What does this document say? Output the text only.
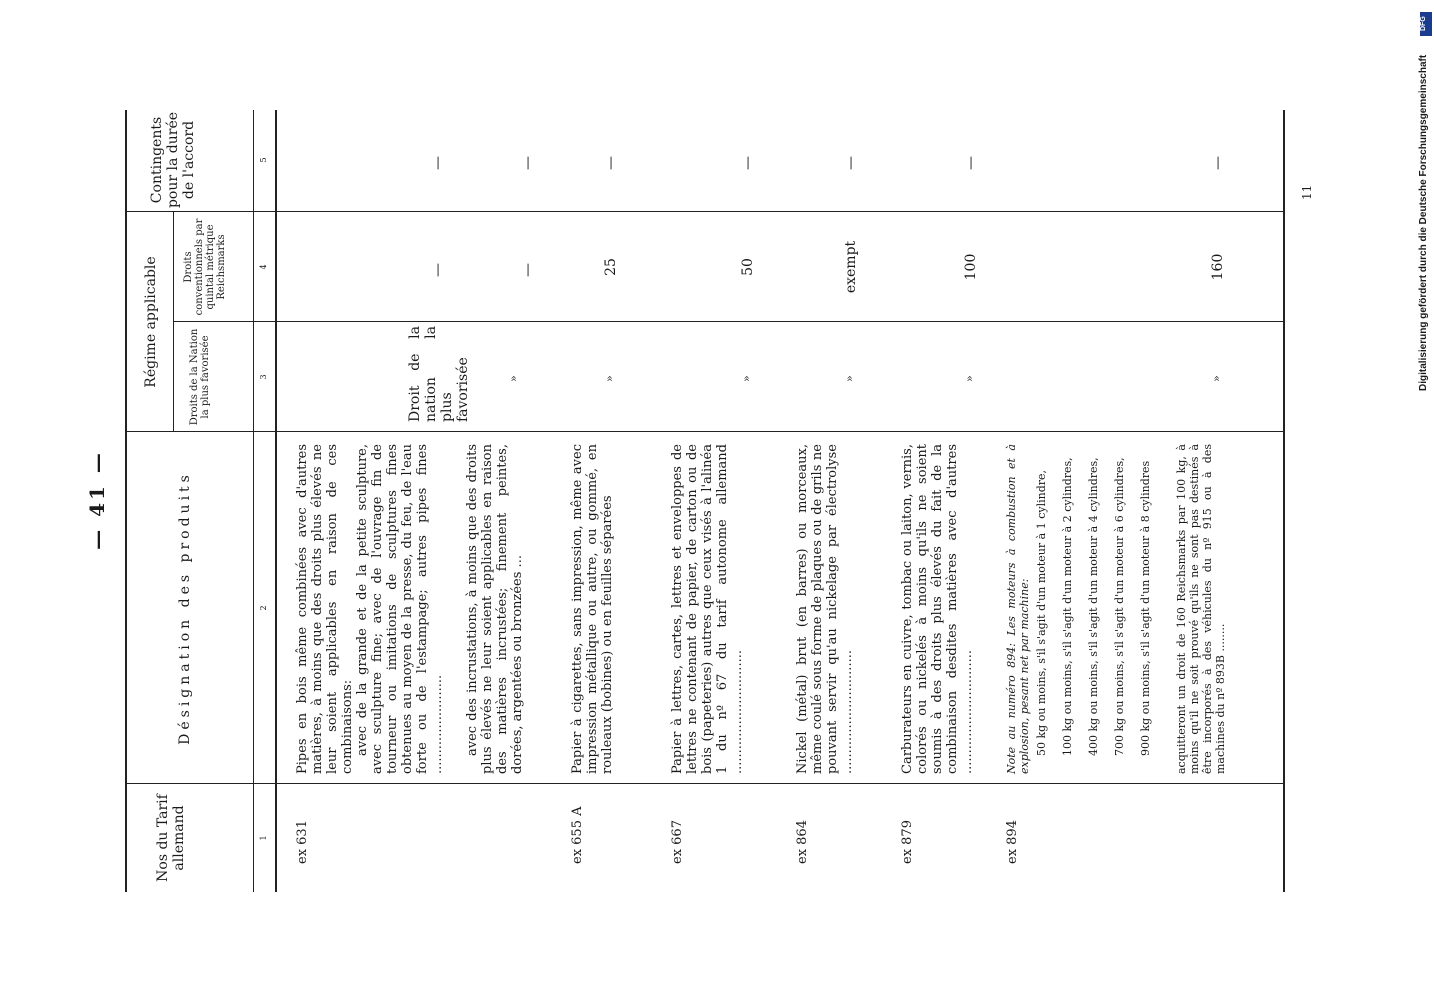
— 41 —
Nos du Tarif allemand
Désignation des produits
Régime applicable	Droits de la Nation la plus favorisée
Droits conventionnels par quintal métrique Reichsmarks
Contingents pour la durée de l'accord
1
2
3
4
5
ex 631
Pipes en bois même combinées avec d'autres matières, à moins que des droits plus élevés ne leur soient applicables en raison de ces combinaisons: avec de la grande et de la petite sculpture, avec sculpture fine; avec de l'ouvrage fin de tourneur ou imitations de sculptures fines obtenues au moyen de la presse, du feu, de l'eau forte ou de l'estampage; autres pipes fines ........................
Droit de la nation la plus favorisée
—
—
avec des incrustations, à moins que des droits plus élevés ne leur soient applicables en raison des matières incrustées; finement peintes, dorées, argentées ou bronzées ...
»
—
—
ex 655 A
Papier à cigarettes, sans impression, même avec impression métallique ou autre, ou gommé, en rouleaux (bobines) ou en feuilles séparées
»
25
—
ex 667
Papier à lettres, cartes, lettres et enveloppes de lettres ne contenant de papier, de carton ou de bois (papeteries) autres que ceux visés à l'alinéa 1 du nº 67 du tarif autonome allemand ..............................
»
50
—
ex 864
Nickel (métal) brut (en barres) ou morceaux, même coulé sous forme de plaques ou de grils ne pouvant servir qu'au nickelage par électrolyse ..............................
»
exempt
—
ex 879
Carburateurs en cuivre, tombac ou laiton, vernis, colorés ou nickelés à moins qu'ils ne soient soumis à des droits plus élevés du fait de la combinaison desdites matières avec d'autres ..............................
»
100
—
ex 894
Note au numéro 894: Les moteurs à combustion et à explosion, pesant net par machine: 50 kg ou moins, s'il s'agit d'un moteur à 1 cylindre, 100 kg ou moins, s'il s'agit d'un moteur à 2 cylindres, 400 kg ou moins, s'il s'agit d'un moteur à 4 cylindres, 700 kg ou moins, s'il s'agit d'un moteur à 6 cylindres, 900 kg ou moins, s'il s'agit d'un moteur à 8 cylindres acquitteront un droit de 160 Reichsmarks par 100 kg, à moins qu'il ne soit prouvé qu'ils ne sont pas destinés à être incorporés à des véhicules du nº 915 ou à des machines du nº 893B ........
»
160
—
11	Digitalisierung gefördert durch die Deutsche Forschungsgemeinschaft
DFG
